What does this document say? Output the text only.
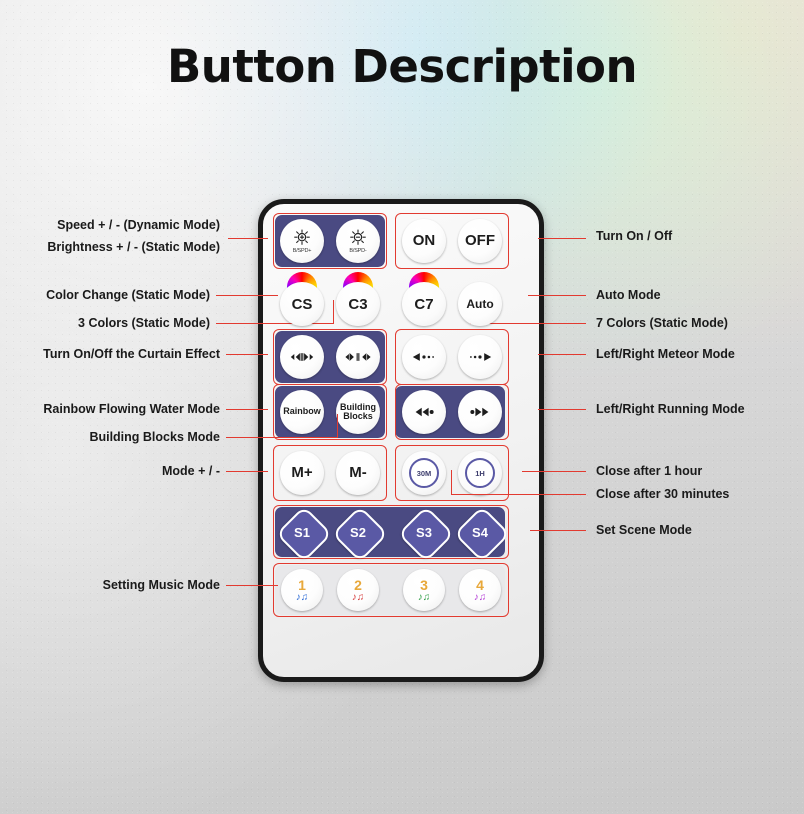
Button Description
B/SPD+	B/SPD-
ON OFF
CS C3	C7	Auto
Rainbow Building
Blocks
M+ M-	30M	1H
S1	S2	S3	S4
1
♪♫
2
♪♫
3
♪♫
4
♪♫
Speed + / - (Dynamic Mode)
Brightness + / - (Static Mode)
Color Change (Static Mode)
3 Colors (Static Mode)
Turn On/Off the Curtain Effect
Rainbow Flowing Water Mode
Building Blocks Mode
Mode + / -
Setting Music Mode
Turn On / Off
Auto Mode
7 Colors (Static Mode)
Left/Right Meteor Mode
Left/Right Running Mode
Close after 1 hour
Close after 30 minutes
Set Scene Mode
